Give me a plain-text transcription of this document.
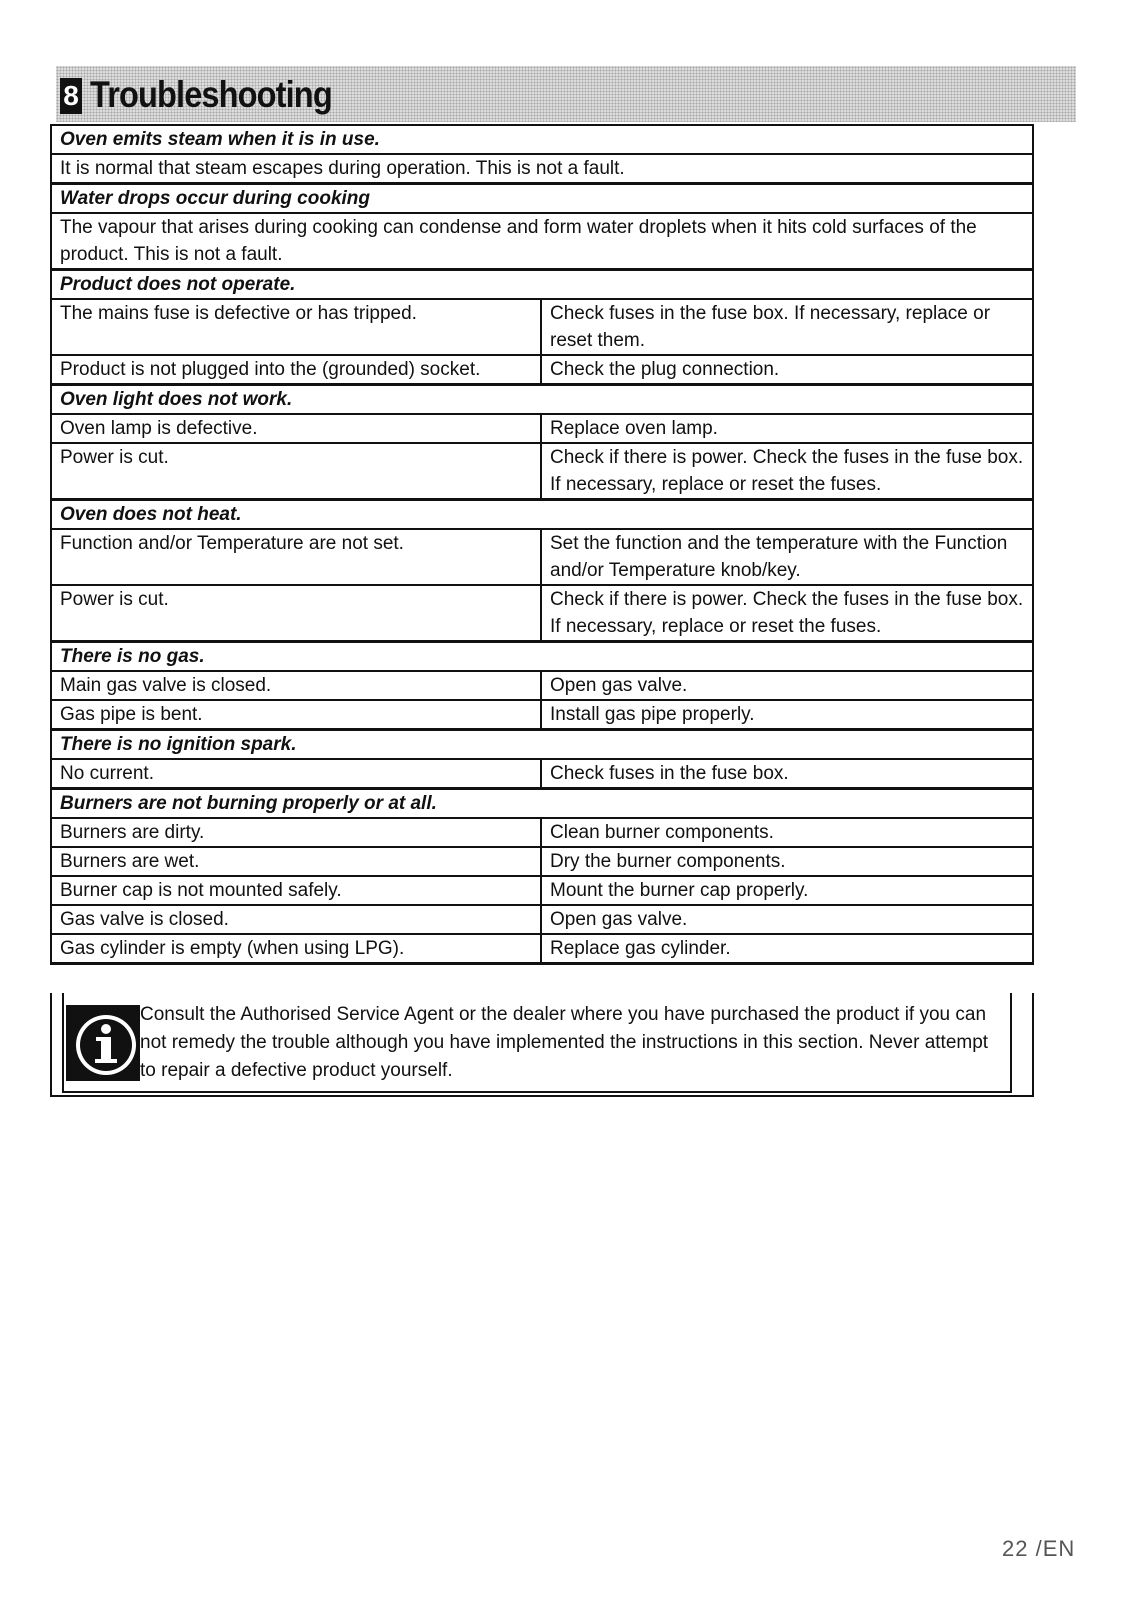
8 Troubleshooting
Oven emits steam when it is in use.
It is normal that steam escapes during operation. This is not a fault.
Water drops occur during cooking
The vapour that arises during cooking can condense and form water droplets when it hits cold surfaces of the product. This is not a fault.
Product does not operate.
The mains fuse is defective or has tripped.	Check fuses in the fuse box. If necessary, replace or reset them.
Product is not plugged into the (grounded) socket.	Check the plug connection.
Oven light does not work.
Oven lamp is defective.	Replace oven lamp.
Power is cut.	Check if there is power. Check the fuses in the fuse box. If necessary, replace or reset the fuses.
Oven does not heat.
Function and/or Temperature are not set.	Set the function and the temperature with the Function and/or Temperature knob/key.
Power is cut.	Check if there is power. Check the fuses in the fuse box. If necessary, replace or reset the fuses.
There is no gas.
Main gas valve is closed.	Open gas valve.
Gas pipe is bent.	Install gas pipe properly.
There is no ignition spark.
No current.	Check fuses in the fuse box.
Burners are not burning properly or at all.
Burners are dirty.	Clean burner components.
Burners are wet.	Dry the burner components.
Burner cap is not mounted safely.	Mount the burner cap properly.
Gas valve is closed.	Open gas valve.
Gas cylinder is empty (when using LPG).	Replace gas cylinder.
Consult the Authorised Service Agent or the dealer where you have purchased the product if you can not remedy the trouble although you have implemented the instructions in this section. Never attempt to repair a defective product yourself.
22 /EN
